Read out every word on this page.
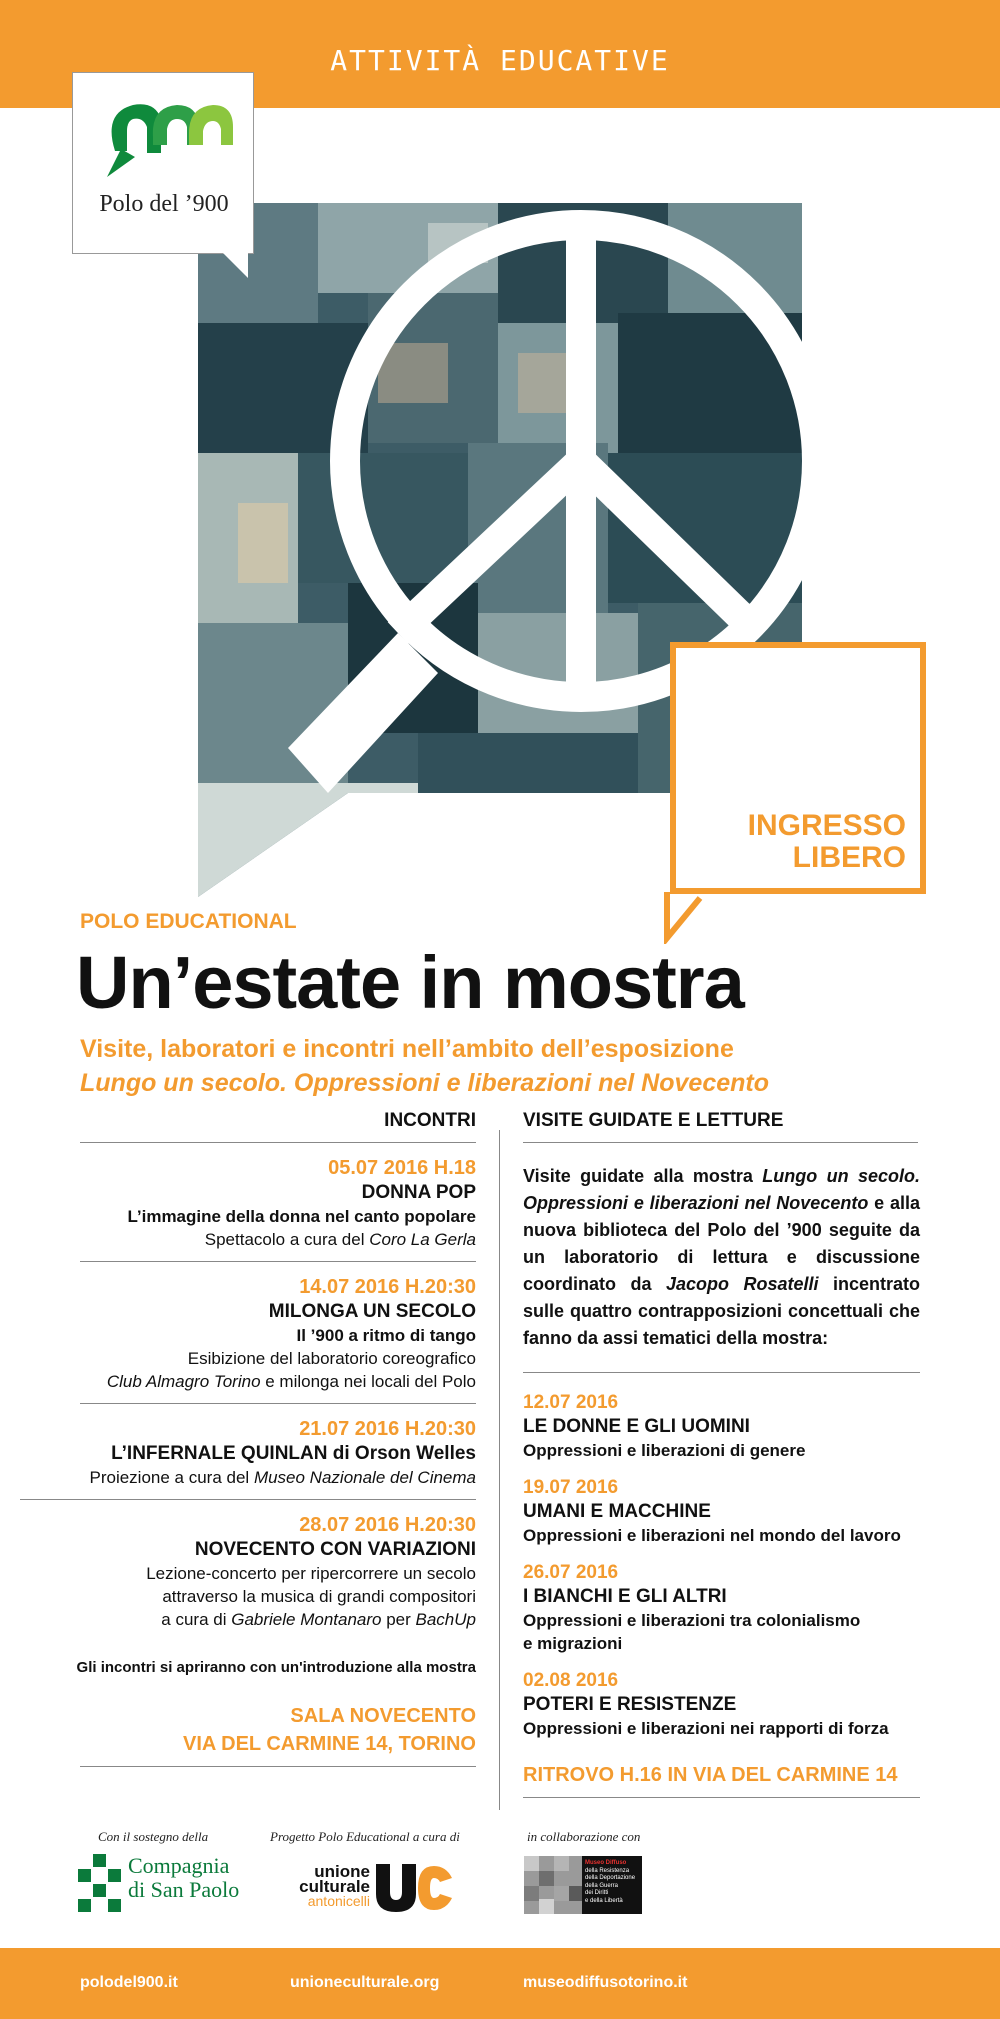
ATTIVITÀ EDUCATIVE
Polo del ’900
INGRESSO
LIBERO
POLO EDUCATIONAL
Un’estate in mostra
Visite, laboratori e incontri nell’ambito dell’esposizione
Lungo un secolo. Oppressioni e liberazioni nel Novecento
INCONTRI
05.07 2016 H.18
DONNA POP
L’immagine della donna nel canto popolare
Spettacolo a cura del Coro La Gerla
14.07 2016 H.20:30
MILONGA UN SECOLO
Il ’900 a ritmo di tango
Esibizione del laboratorio coreografico
Club Almagro Torino e milonga nei locali del Polo
21.07 2016 H.20:30
L’INFERNALE QUINLAN di Orson Welles
Proiezione a cura del Museo Nazionale del Cinema
28.07 2016 H.20:30
NOVECENTO CON VARIAZIONI
Lezione-concerto per ripercorrere un secolo
attraverso la musica di grandi compositori
a cura di Gabriele Montanaro per BachUp
Gli incontri si apriranno con un'introduzione alla mostra
SALA NOVECENTO
VIA DEL CARMINE 14, TORINO
VISITE GUIDATE E LETTURE
Visite guidate alla mostra Lungo un secolo. Oppressioni e liberazioni nel Novecento e alla nuova biblioteca del Polo del ’900 seguite da un laboratorio di lettura e discussione coordinato da Jacopo Rosatelli incentrato sulle quattro contrapposizioni concettuali che fanno da assi tematici della mostra:
12.07 2016
LE DONNE E GLI UOMINI
Oppressioni e liberazioni di genere
19.07 2016
UMANI E MACCHINE
Oppressioni e liberazioni nel mondo del lavoro
26.07 2016
I BIANCHI E GLI ALTRI
Oppressioni e liberazioni tra colonialismo
e migrazioni
02.08 2016
POTERI E RESISTENZE
Oppressioni e liberazioni nei rapporti di forza
RITROVO H.16 IN VIA DEL CARMINE 14
Con il sostegno della	Progetto Polo Educational a cura di	in collaborazione con
Compagnia
di San Paolo
unione
culturale
antonicelli
Museo Diffuso
della Resistenza
della Deportazione
della Guerra
dei Diritti
e della Libertà
polodel900.it	unioneculturale.org	museodiffusotorino.it
